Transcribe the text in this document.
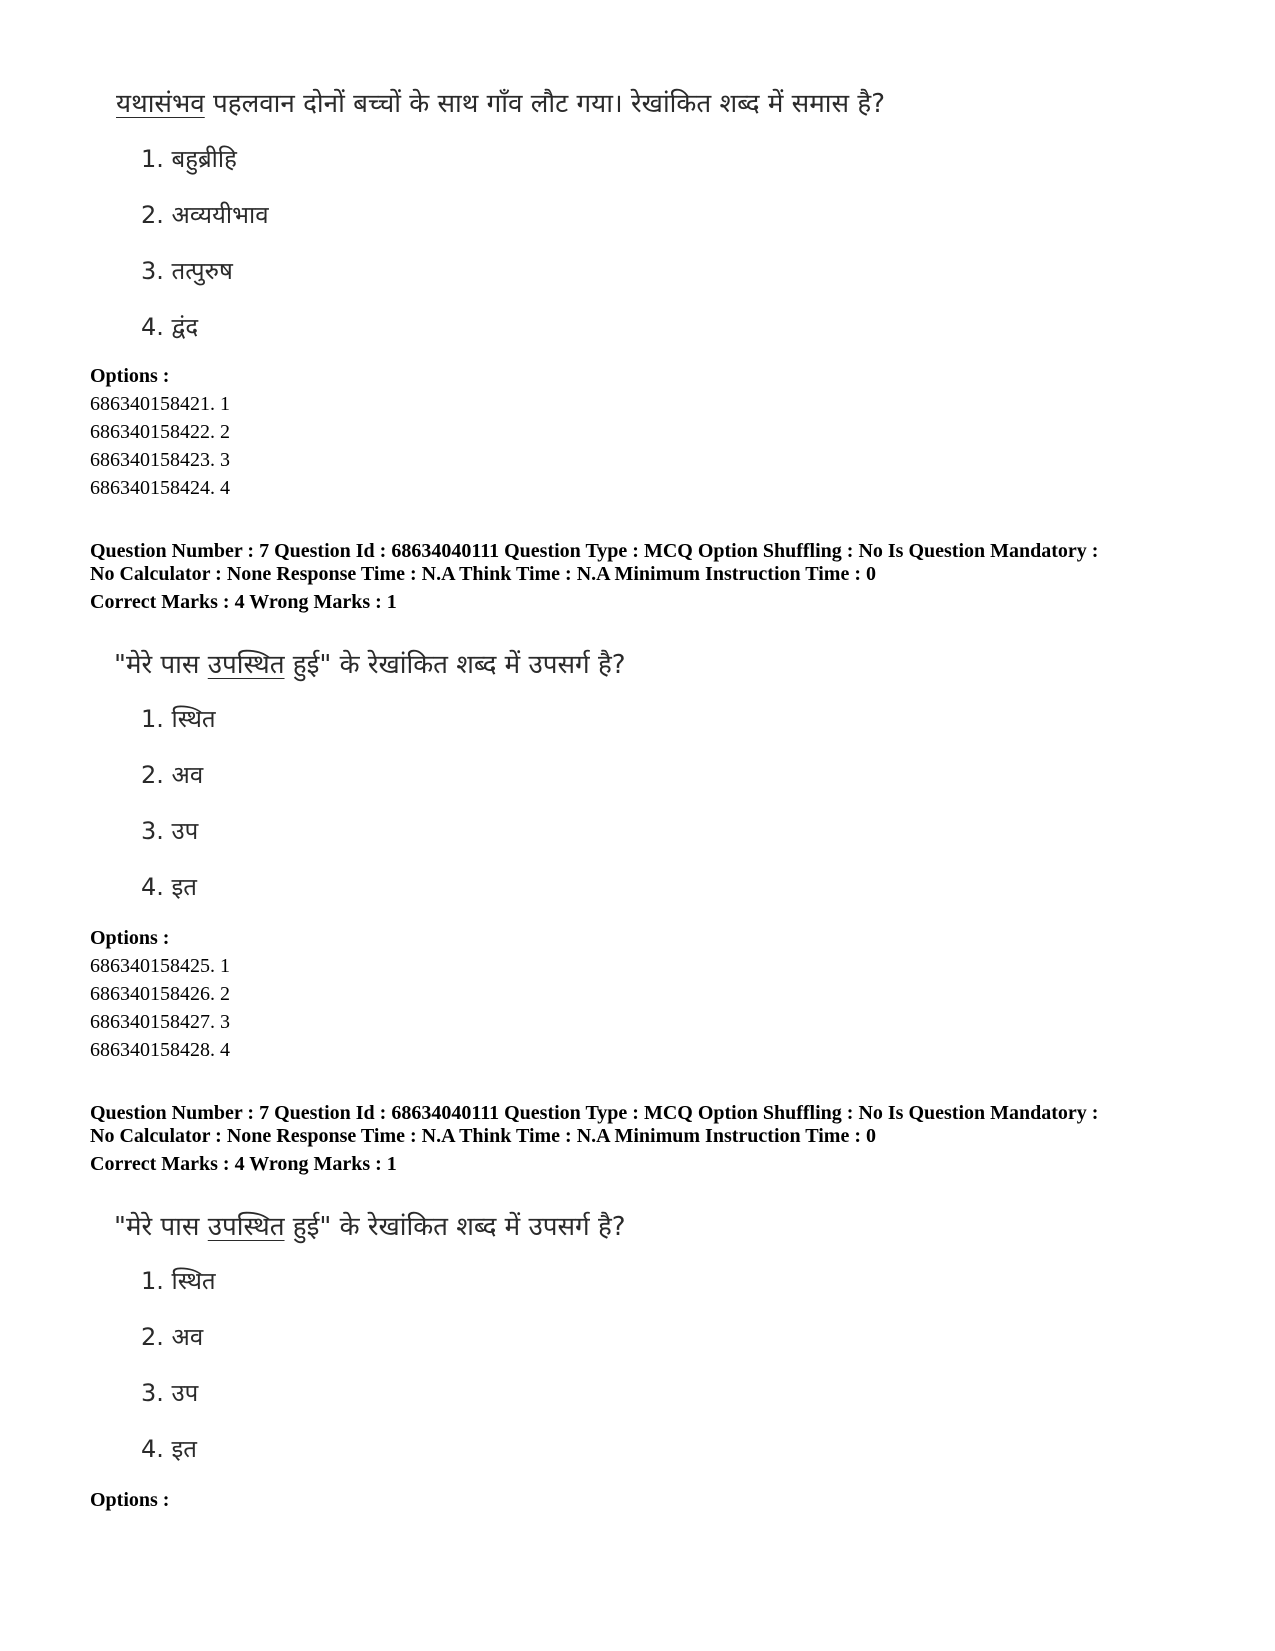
यथासंभव पहलवान दोनों बच्चों के साथ गाँव लौट गया। रेखांकित शब्द में समास है?
1. बहुब्रीहि
2. अव्ययीभाव
3. तत्पुरुष
4. द्वंद
Options :
686340158421. 1
686340158422. 2
686340158423. 3
686340158424. 4
Question Number : 7 Question Id : 68634040111 Question Type : MCQ Option Shuffling : No Is Question Mandatory :
No Calculator : None Response Time : N.A Think Time : N.A Minimum Instruction Time : 0
Correct Marks : 4 Wrong Marks : 1
"मेरे पास उपस्थित हुई" के रेखांकित शब्द में उपसर्ग है?
1. स्थित
2. अव
3. उप
4. इत
Options :
686340158425. 1
686340158426. 2
686340158427. 3
686340158428. 4
Question Number : 7 Question Id : 68634040111 Question Type : MCQ Option Shuffling : No Is Question Mandatory :
No Calculator : None Response Time : N.A Think Time : N.A Minimum Instruction Time : 0
Correct Marks : 4 Wrong Marks : 1
"मेरे पास उपस्थित हुई" के रेखांकित शब्द में उपसर्ग है?
1. स्थित
2. अव
3. उप
4. इत
Options :
